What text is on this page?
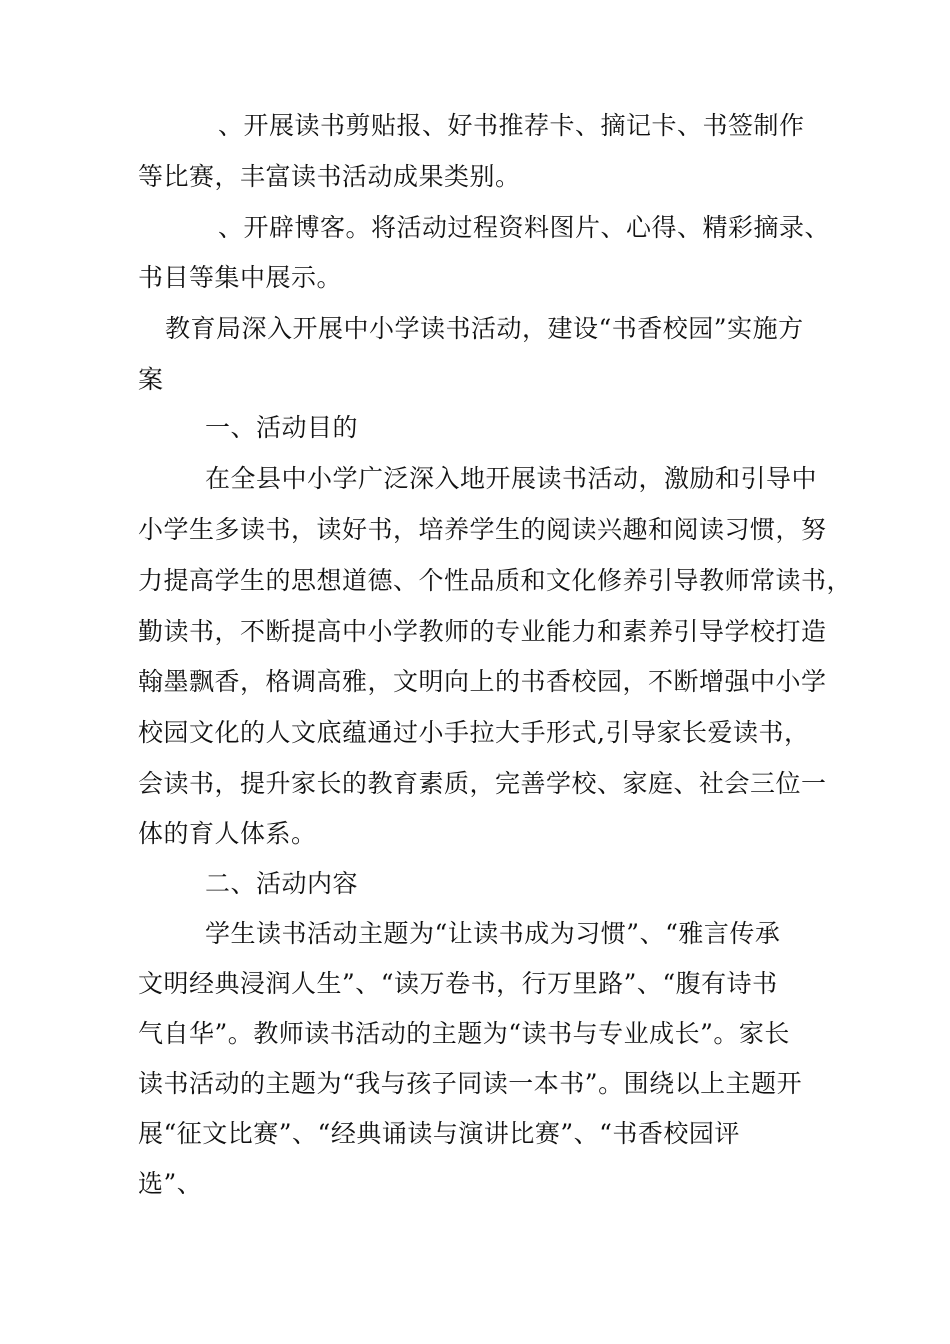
、开展读书剪贴报、好书推荐卡、摘记卡、书签制作
等比赛，丰富读书活动成果类别。
、开辟博客。将活动过程资料图片、心得、精彩摘录、
书目等集中展示。
教育局深入开展中小学读书活动，建设“书香校园”实施方
案
一、活动目的
在全县中小学广泛深入地开展读书活动，激励和引导中
小学生多读书，读好书，培养学生的阅读兴趣和阅读习惯，努
力提高学生的思想道德、个性品质和文化修养引导教师常读书，
勤读书，不断提高中小学教师的专业能力和素养引导学校打造
翰墨飘香，格调高雅，文明向上的书香校园，不断增强中小学
校园文化的人文底蕴通过小手拉大手形式,引导家长爱读书，
会读书，提升家长的教育素质，完善学校、家庭、社会三位一
体的育人体系。
二、活动内容
学生读书活动主题为“让读书成为习惯”、“雅言传承
文明经典浸润人生”、“读万卷书，行万里路”、“腹有诗书
气自华”。教师读书活动的主题为“读书与专业成长”。家长
读书活动的主题为“我与孩子同读一本书”。围绕以上主题开
展“征文比赛”、“经典诵读与演讲比赛”、“书香校园评
选”、
